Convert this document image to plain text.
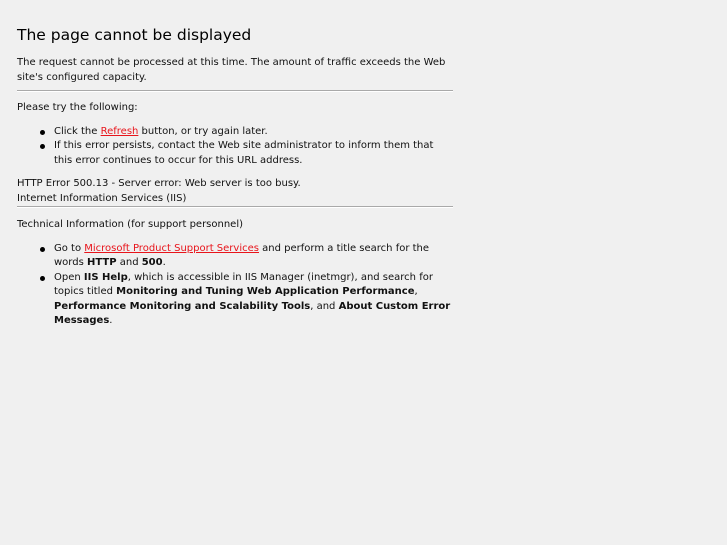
The page cannot be displayed

The request cannot be processed at this time. The amount of traffic exceeds the Web site's configured capacity.

Please try the following:

Click the Refresh button, or try again later.
If this error persists, contact the Web site administrator to inform them that this error continues to occur for this URL address.

HTTP Error 500.13 - Server error: Web server is too busy.

Internet Information Services (IIS)

Technical Information (for support personnel)

Go to Microsoft Product Support Services and perform a title search for the words HTTP and 500.
Open IIS Help, which is accessible in IIS Manager (inetmgr), and search for topics titled Monitoring and Tuning Web Application Performance, Performance Monitoring and Scalability Tools, and About Custom Error Messages.
